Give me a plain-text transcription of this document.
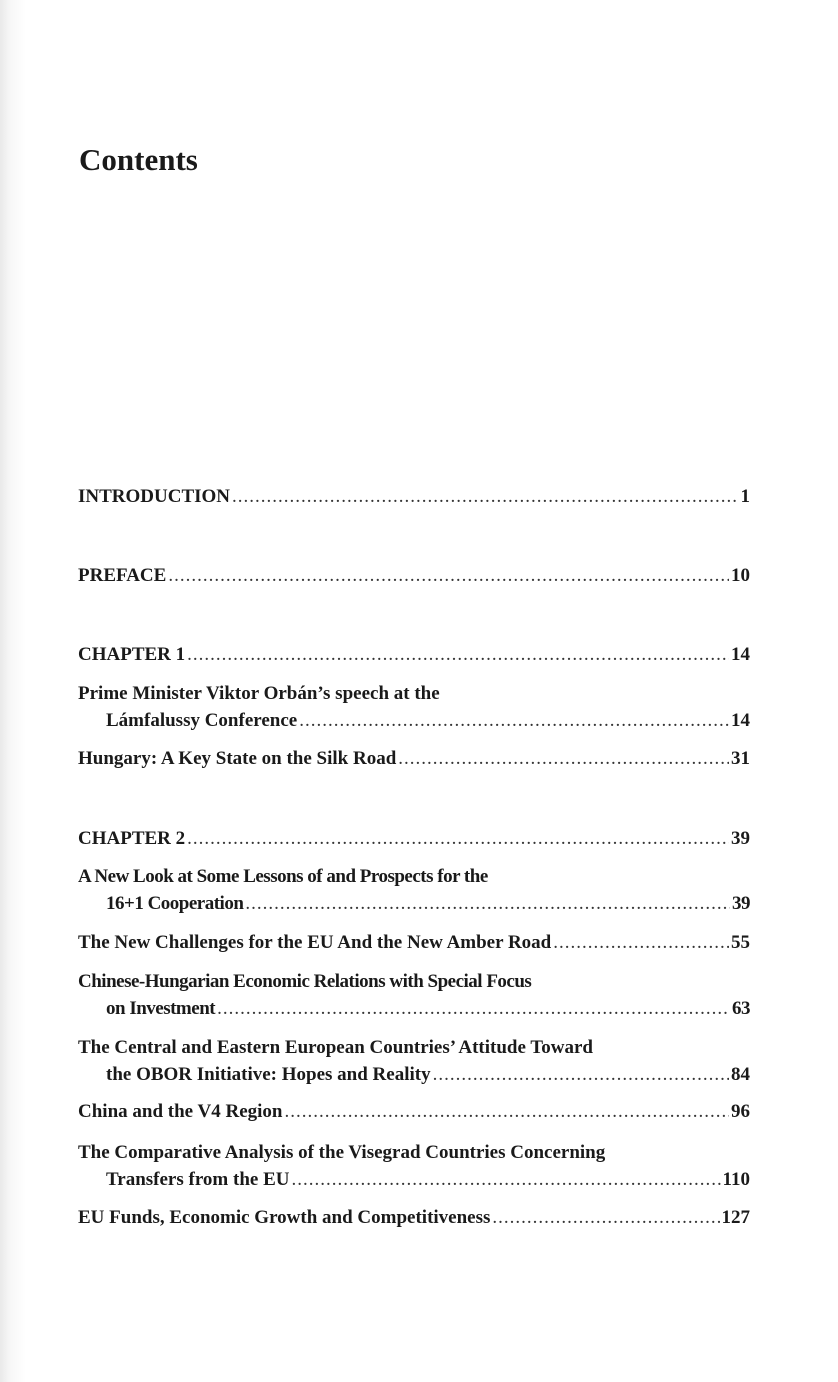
Contents
INTRODUCTION .....	1
PREFACE .....	10
CHAPTER 1 .....	14
Prime Minister Viktor Orbán’s speech at the
Lámfalussy Conference .....	14
Hungary: A Key State on the Silk Road .....	31
CHAPTER 2 .....	39
A New Look at Some Lessons of and Prospects for the
16+1 Cooperation .....	39
The New Challenges for the EU And the New Amber Road .....	55
Chinese-Hungarian Economic Relations with Special Focus
on Investment .....	63
The Central and Eastern European Countries’ Attitude Toward
the OBOR Initiative: Hopes and Reality .....	84
China and the V4 Region .....	96
The Comparative Analysis of the Visegrad Countries Concerning
Transfers from the EU .....	110
EU Funds, Economic Growth and Competitiveness .....	127
